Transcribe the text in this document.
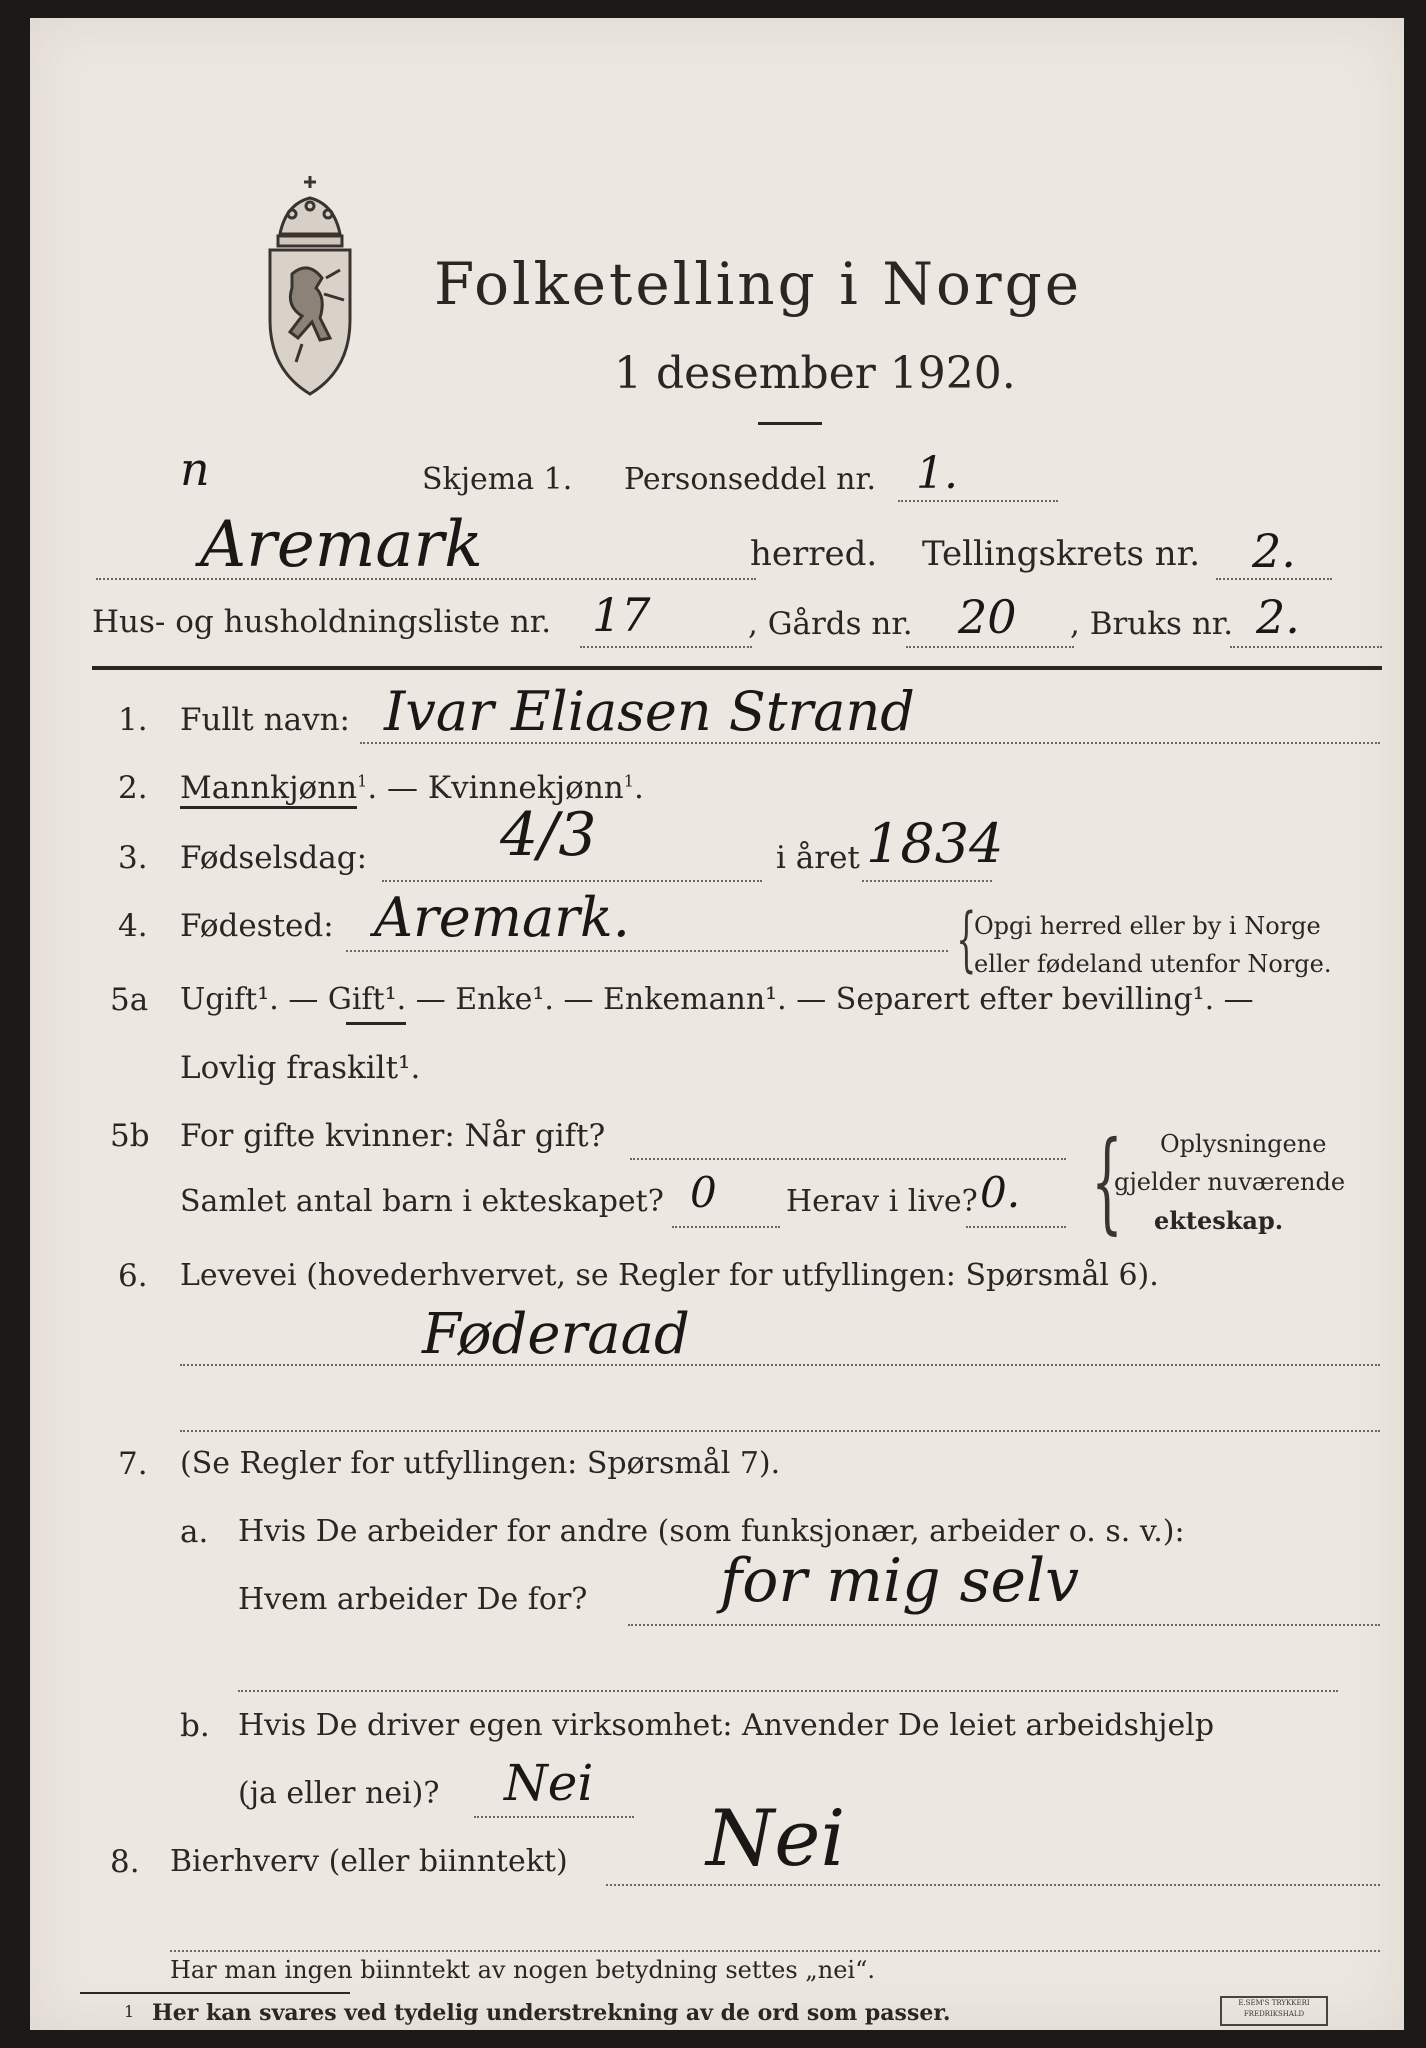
Folketelling i Norge
1 desember 1920.
n	Skjema 1. Personseddel nr. 1.
Aremark	herred. Tellingskrets nr. 2.
Hus- og husholdningsliste nr. 17	, Gårds nr. 20 , Bruks nr. 2.
1. Fullt navn: Ivar Eliasen Strand
2. Mannkjønn$^1$. — Kvinnekjønn$^1$.
3. Fødselsdag: 4/3	i året 1834
4. Fødested: Aremark.	{
Opgi herred eller by i Norge
eller fødeland utenfor Norge.
5a Ugift¹. — Gift¹. — Enke¹. — Enkemann¹. — Separert efter bevilling¹. —
Lovlig fraskilt¹.
5b For gifte kvinner: Når gift?
Samlet antal barn i ekteskapet? 0 Herav i live? 0. { Oplysningene
gjelder nuværende
ekteskap.
6. Levevei (hovederhvervet, se Regler for utfyllingen: Spørsmål 6).
Føderaad
7. (Se Regler for utfyllingen: Spørsmål 7).
a. Hvis De arbeider for andre (som funksjonær, arbeider o. s. v.):
Hvem arbeider De for? for mig selv
b. Hvis De driver egen virksomhet: Anvender De leiet arbeidshjelp
(ja eller nei)? Nei
8. Bierhverv (eller biinntekt) Nei
Har man ingen biinntekt av nogen betydning settes „nei“.
1 Her kan svares ved tydelig understrekning av de ord som passer.	E.SEM'S TRYKKERI FREDRIKSHALD
